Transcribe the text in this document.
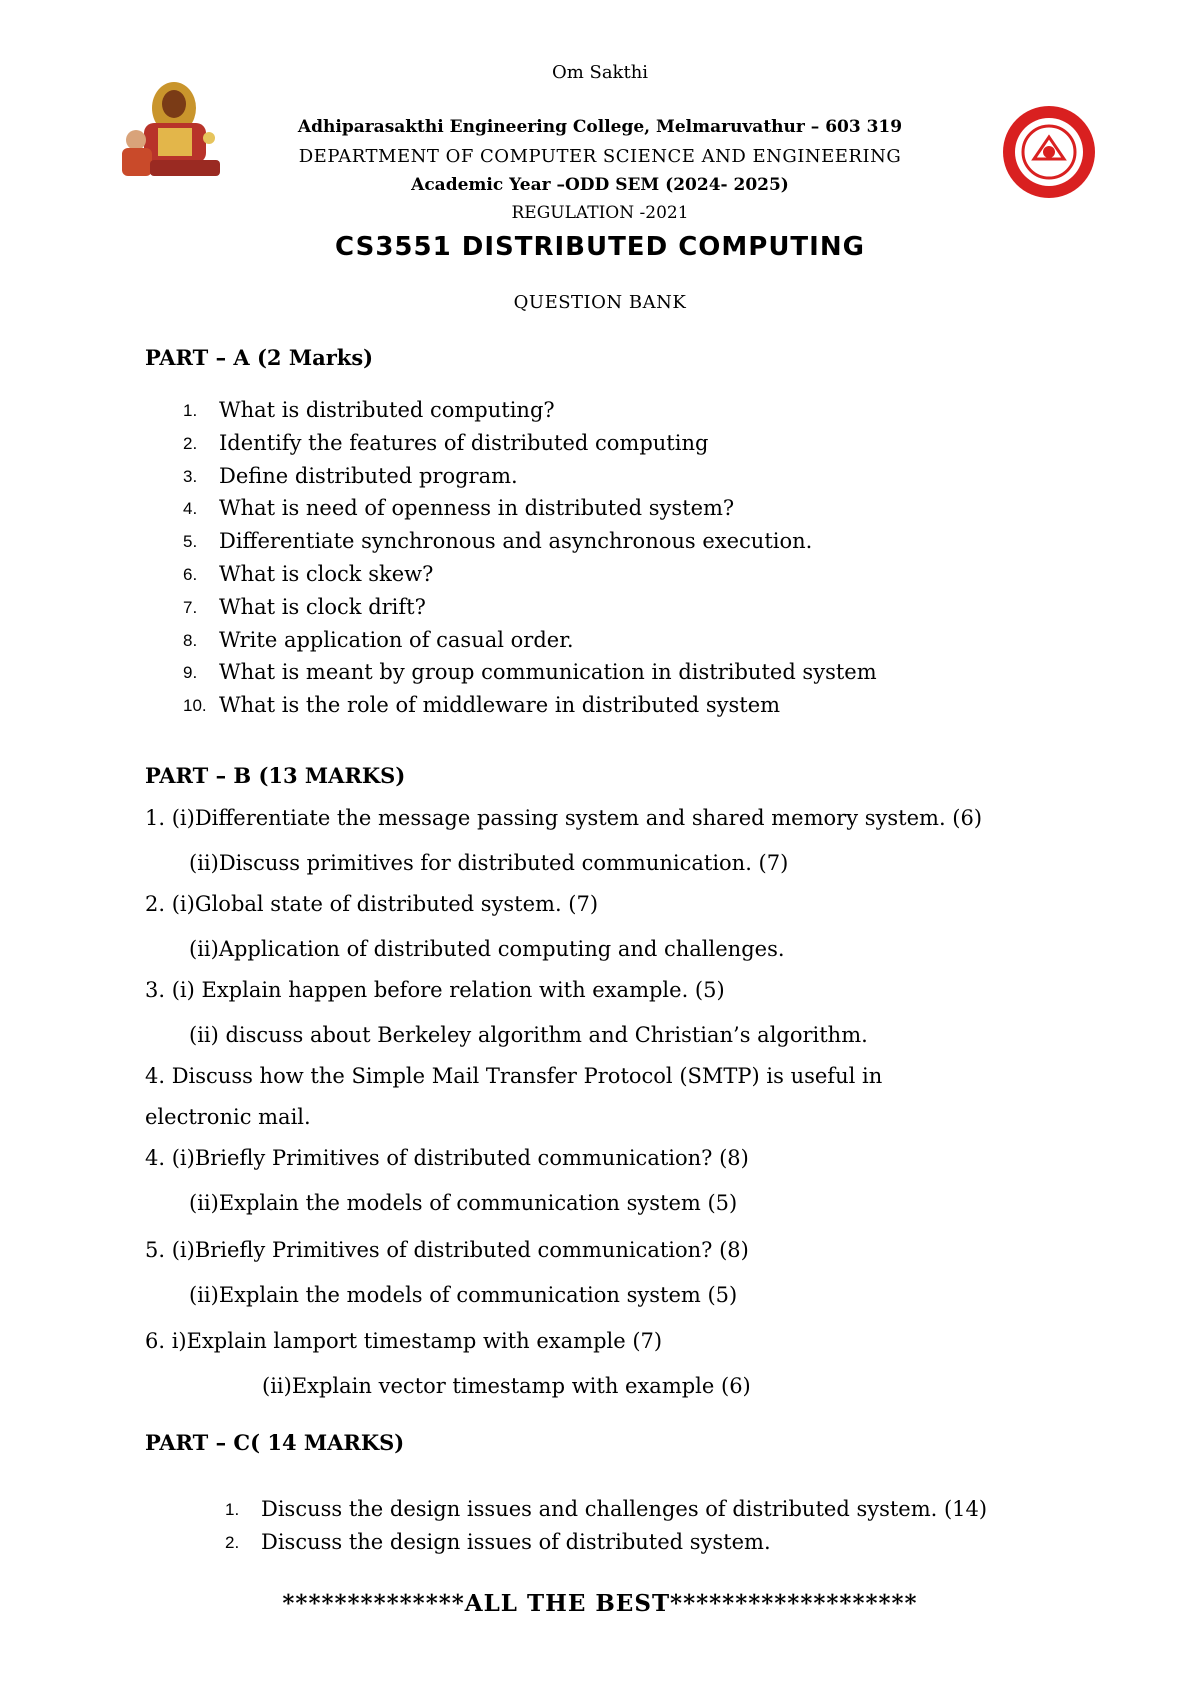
Om Sakthi
Adhiparasakthi Engineering College, Melmaruvathur – 603 319
DEPARTMENT OF COMPUTER SCIENCE AND ENGINEERING
Academic Year –ODD SEM (2024- 2025)
REGULATION -2021
CS3551 DISTRIBUTED COMPUTING
QUESTION BANK
PART – A (2 Marks)
1.	What is distributed computing?
2.	Identify the features of distributed computing
3.	Define distributed program.
4.	What is need of openness in distributed system?
5.	Differentiate synchronous and asynchronous execution.
6.	What is clock skew?
7.	What is clock drift?
8.	Write application of casual order.
9.	What is meant by group communication in distributed system
10. What is the role of middleware in distributed system
PART – B (13 MARKS)
1. (i)Differentiate the message passing system and shared memory system. (6)
(ii)Discuss primitives for distributed communication. (7)
2. (i)Global state of distributed system. (7)
(ii)Application of distributed computing and challenges.
3. (i) Explain happen before relation with example. (5)
(ii) discuss about Berkeley algorithm and Christian’s algorithm.
4. Discuss how the Simple Mail Transfer Protocol (SMTP) is useful in
electronic mail.
4. (i)Briefly Primitives of distributed communication? (8)
(ii)Explain the models of communication system (5)
5. (i)Briefly Primitives of distributed communication? (8)
(ii)Explain the models of communication system (5)
6. i)Explain lamport timestamp with example (7)
(ii)Explain vector timestamp with example (6)
PART – C( 14 MARKS)
1.	Discuss the design issues and challenges of distributed system. (14)
2.	Discuss the design issues of distributed system.
**************ALL THE BEST*******************
